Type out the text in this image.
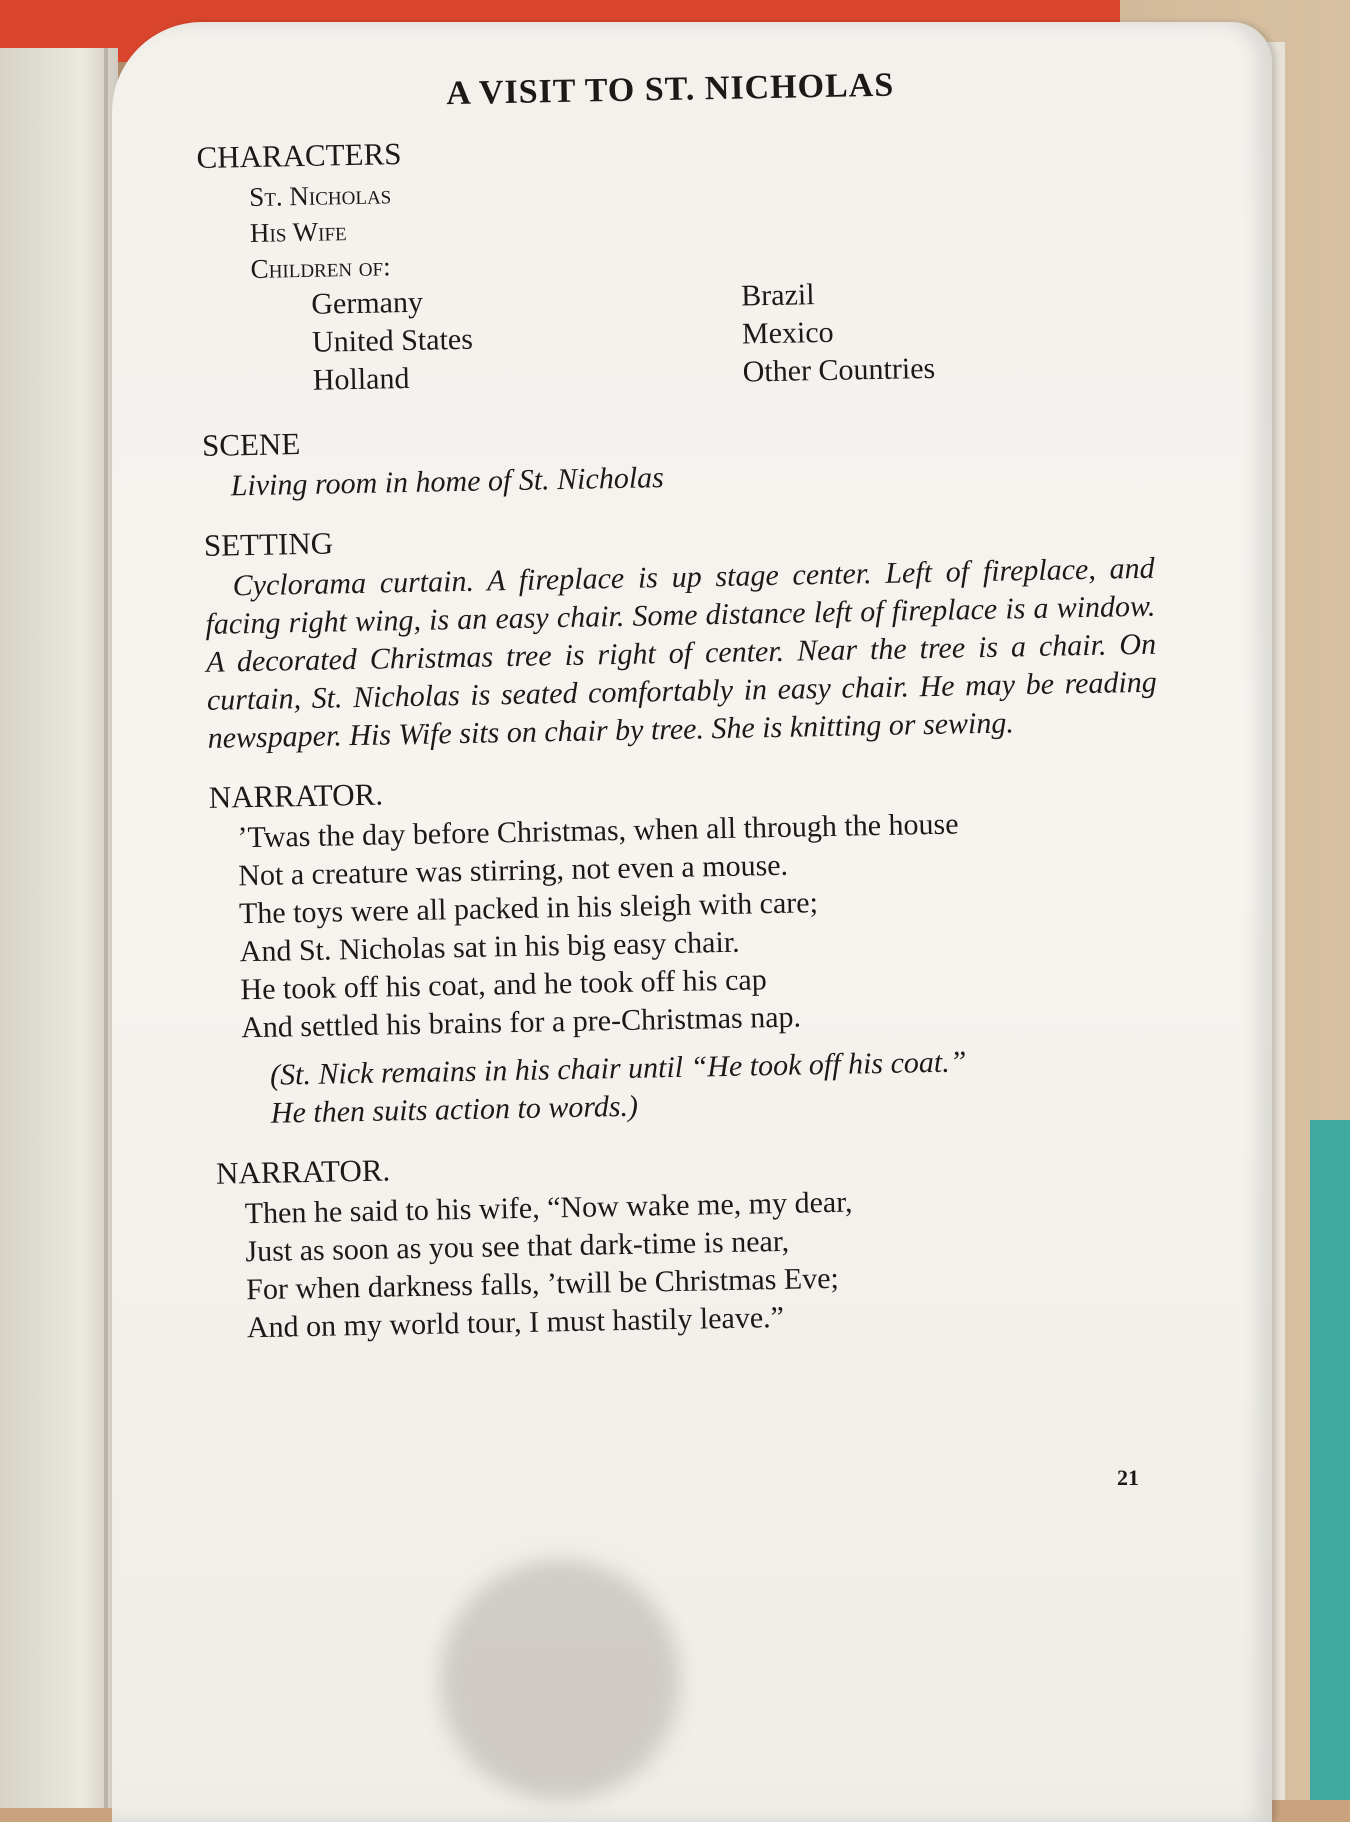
A VISIT TO ST. NICHOLAS
CHARACTERS
St. Nicholas
His Wife
Children of:
Germany	Brazil
United States	Mexico
Holland	Other Countries
SCENE
Living room in home of St. Nicholas
SETTING
Cyclorama curtain. A fireplace is up stage center. Left of fireplace, and facing right wing, is an easy chair. Some distance left of fireplace is a window. A decorated Christmas tree is right of center. Near the tree is a chair. On curtain, St. Nicholas is seated comfortably in easy chair. He may be reading newspaper. His Wife sits on chair by tree. She is knitting or sewing.
NARRATOR.
’Twas the day before Christmas, when all through the house
Not a creature was stirring, not even a mouse.
The toys were all packed in his sleigh with care;
And St. Nicholas sat in his big easy chair.
He took off his coat, and he took off his cap
And settled his brains for a pre-Christmas nap.
(St. Nick remains in his chair until “He took off his coat.”
He then suits action to words.)
NARRATOR.
Then he said to his wife, “Now wake me, my dear,
Just as soon as you see that dark-time is near,
For when darkness falls, ’twill be Christmas Eve;
And on my world tour, I must hastily leave.”
21
